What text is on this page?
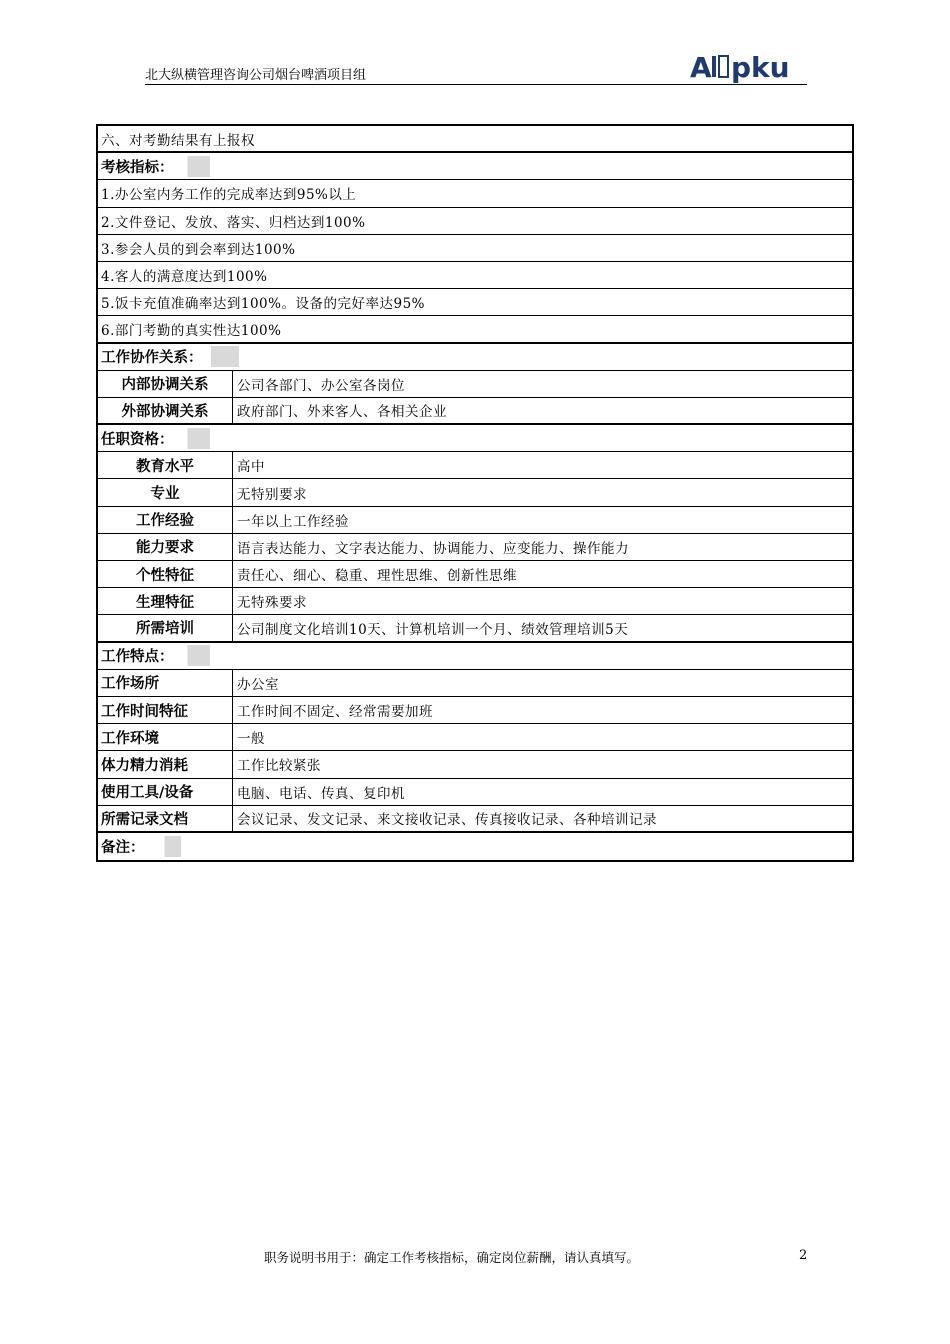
北大纵横管理咨询公司烟台啤酒项目组	A pku
六、对考勤结果有上报权
考核指标：
1.办公室内务工作的完成率达到95%以上
2.文件登记、发放、落实、归档达到100%
3.参会人员的到会率到达100%
4.客人的满意度达到100%
5.饭卡充值准确率达到100%。设备的完好率达95%
6.部门考勤的真实性达100%
工作协作关系：
内部协调关系	公司各部门、办公室各岗位
外部协调关系	政府部门、外来客人、各相关企业
任职资格：
教育水平	高中
专业	无特别要求
工作经验	一年以上工作经验
能力要求	语言表达能力、文字表达能力、协调能力、应变能力、操作能力
个性特征	责任心、细心、稳重、理性思维、创新性思维
生理特征	无特殊要求
所需培训	公司制度文化培训10天、计算机培训一个月、绩效管理培训5天
工作特点：
工作场所	办公室
工作时间特征	工作时间不固定、经常需要加班
工作环境	一般
体力精力消耗	工作比较紧张
使用工具/设备	电脑、电话、传真、复印机
所需记录文档	会议记录、发文记录、来文接收记录、传真接收记录、各种培训记录
备注：
职务说明书用于：确定工作考核指标，确定岗位薪酬，请认真填写。	2
